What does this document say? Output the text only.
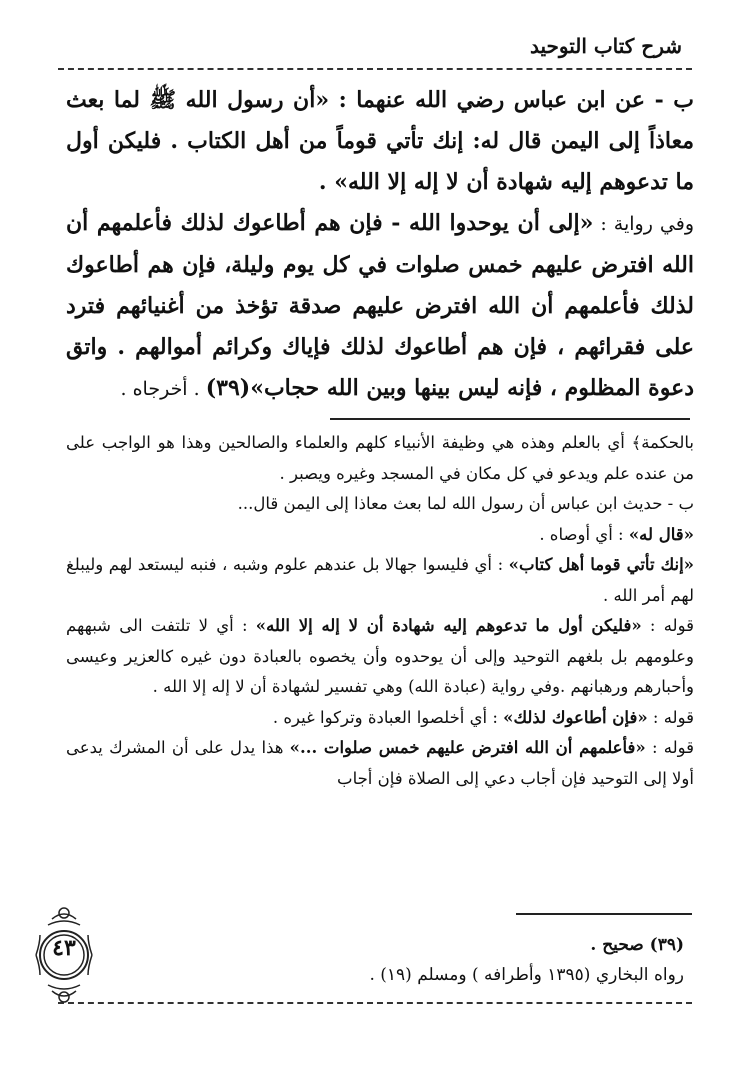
شرح كتاب التوحيد

ب - عن ابن عباس رضي الله عنهما : «أن رسول الله ﷺ لما بعث معاذاً إلى اليمن قال له: إنك تأتي قوماً من أهل الكتاب . فليكن أول ما تدعوهم إليه شهادة أن لا إله إلا الله» .

وفي رواية : «إلى أن يوحدوا الله - فإن هم أطاعوك لذلك فأعلمهم أن الله افترض عليهم خمس صلوات في كل يوم وليلة، فإن هم أطاعوك لذلك فأعلمهم أن الله افترض عليهم صدقة تؤخذ من أغنيائهم فترد على فقرائهم ، فإن هم أطاعوك لذلك فإياك وكرائم أموالهم . واتق دعوة المظلوم ، فإنه ليس بينها وبين الله حجاب»(٣٩) . أخرجاه .

بالحكمة﴾ أي بالعلم وهذه هي وظيفة الأنبياء كلهم والعلماء والصالحين وهذا هو الواجب على من عنده علم ويدعو في كل مكان في المسجد وغيره ويصبر .

ب - حديث ابن عباس أن رسول الله لما بعث معاذا إلى اليمن قال...

«قال له» : أي أوصاه .

«إنك تأتي قوما أهل كتاب» : أي فليسوا جهالا بل عندهم علوم وشبه ، فنبه ليستعد لهم وليبلغ لهم أمر الله .

قوله : «فليكن أول ما تدعوهم إليه شهادة أن لا إله إلا الله» : أي لا تلتفت الى شبههم وعلومهم بل بلغهم التوحيد وإلى أن يوحدوه وأن يخصوه بالعبادة دون غيره كالعزير وعيسى وأحبارهم ورهبانهم .وفي رواية (عبادة الله) وهي تفسير لشهادة أن لا إله إلا الله .

قوله : «فإن أطاعوك لذلك» : أي أخلصوا العبادة وتركوا غيره .

قوله : «فأعلمهم أن الله افترض عليهم خمس صلوات ...» هذا يدل على أن المشرك يدعى أولا إلى التوحيد فإن أجاب دعي إلى الصلاة فإن أجاب

(٣٩) صحيح .

رواه البخاري (١٣٩٥ وأطرافه ) ومسلم (١٩) .

٤٣
